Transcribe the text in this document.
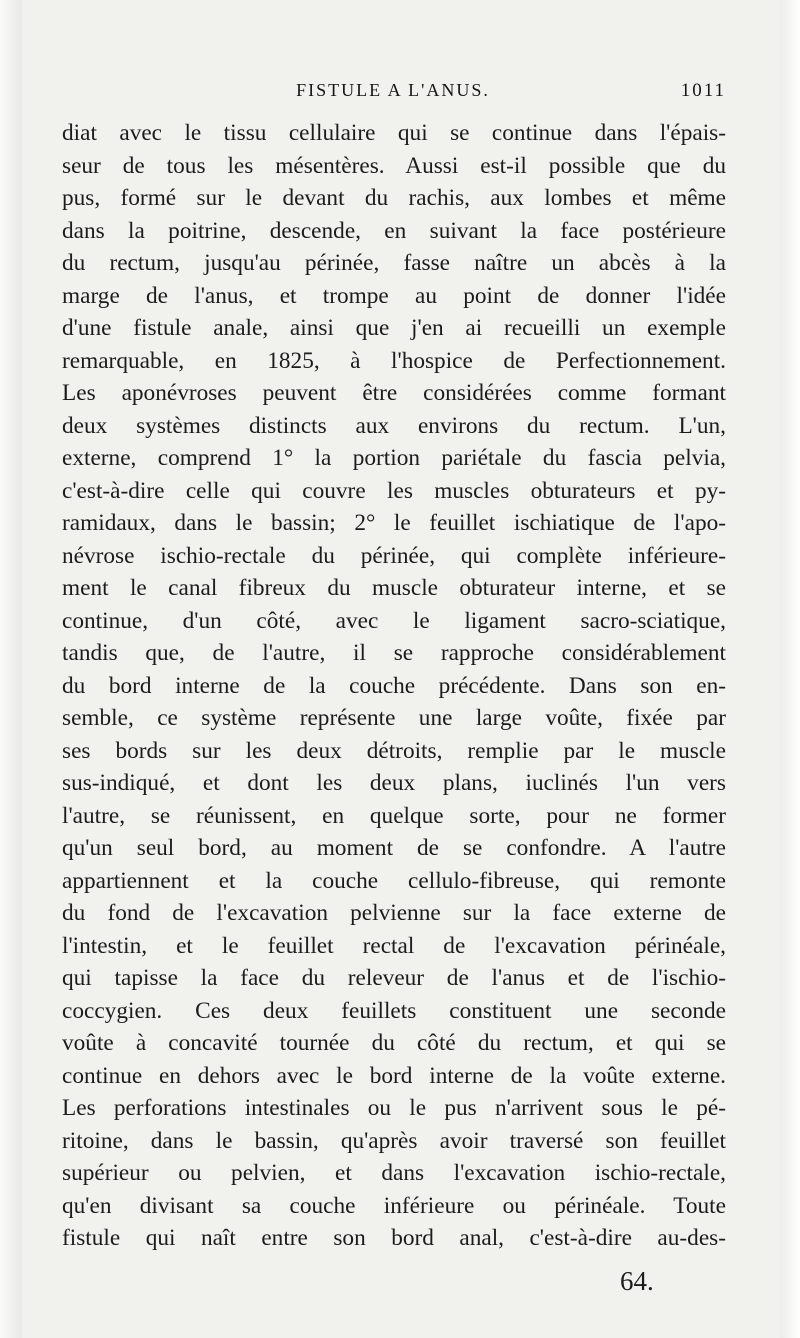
FISTULE A L'ANUS.	1011
diat avec le tissu cellulaire qui se continue dans l'épais-
seur de tous les mésentères. Aussi est-il possible que du
pus, formé sur le devant du rachis, aux lombes et même
dans la poitrine, descende, en suivant la face postérieure
du rectum, jusqu'au périnée, fasse naître un abcès à la
marge de l'anus, et trompe au point de donner l'idée
d'une fistule anale, ainsi que j'en ai recueilli un exemple
remarquable, en 1825, à l'hospice de Perfectionnement.
Les aponévroses peuvent être considérées comme formant
deux systèmes distincts aux environs du rectum. L'un,
externe, comprend 1° la portion pariétale du fascia pelvia,
c'est-à-dire celle qui couvre les muscles obturateurs et py-
ramidaux, dans le bassin; 2° le feuillet ischiatique de l'apo-
névrose ischio-rectale du périnée, qui complète inférieure-
ment le canal fibreux du muscle obturateur interne, et se
continue, d'un côté, avec le ligament sacro-sciatique,
tandis que, de l'autre, il se rapproche considérablement
du bord interne de la couche précédente. Dans son en-
semble, ce système représente une large voûte, fixée par
ses bords sur les deux détroits, remplie par le muscle
sus-indiqué, et dont les deux plans, iuclinés l'un vers
l'autre, se réunissent, en quelque sorte, pour ne former
qu'un seul bord, au moment de se confondre. A l'autre
appartiennent et la couche cellulo-fibreuse, qui remonte
du fond de l'excavation pelvienne sur la face externe de
l'intestin, et le feuillet rectal de l'excavation périnéale,
qui tapisse la face du releveur de l'anus et de l'ischio-
coccygien. Ces deux feuillets constituent une seconde
voûte à concavité tournée du côté du rectum, et qui se
continue en dehors avec le bord interne de la voûte externe.
Les perforations intestinales ou le pus n'arrivent sous le pé-
ritoine, dans le bassin, qu'après avoir traversé son feuillet
supérieur ou pelvien, et dans l'excavation ischio-rectale,
qu'en divisant sa couche inférieure ou périnéale. Toute
fistule qui naît entre son bord anal, c'est-à-dire au-des-
64.
